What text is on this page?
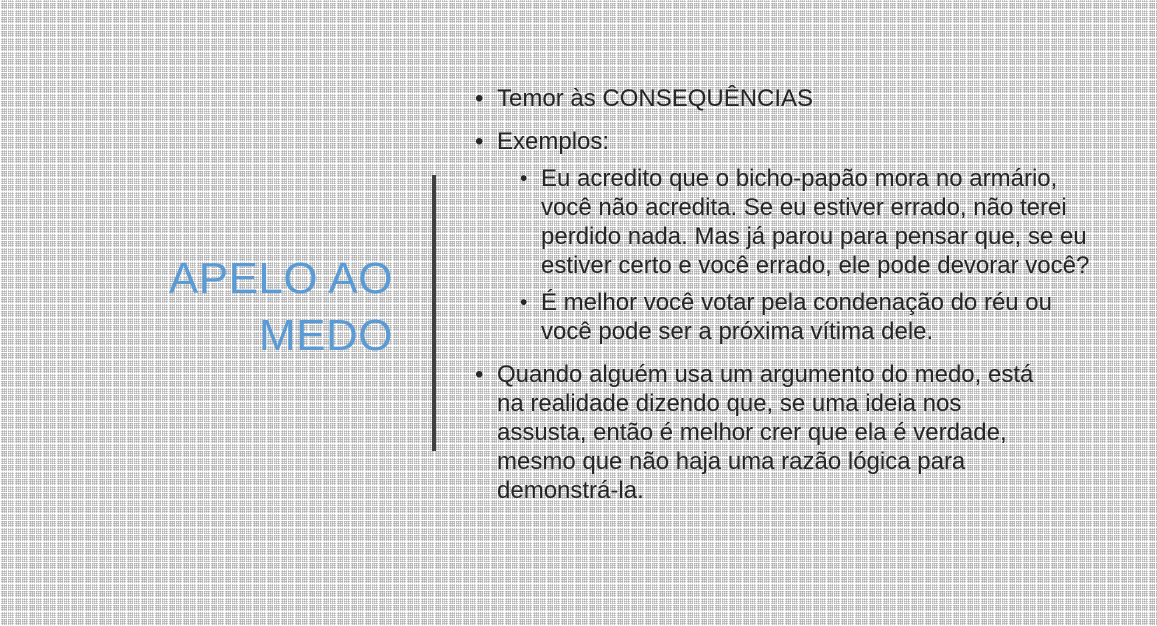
APELO AO MEDO
• Temor às CONSEQUÊNCIAS
• Exemplos:
• Eu acredito que o bicho-papão mora no armário, você não acredita. Se eu estiver errado, não terei perdido nada. Mas já parou para pensar que, se eu estiver certo e você errado, ele pode devorar você?
• É melhor você votar pela condenação do réu ou você pode ser a próxima vítima dele.
• Quando alguém usa um argumento do medo, está na realidade dizendo que, se uma ideia nos assusta, então é melhor crer que ela é verdade, mesmo que não haja uma razão lógica para demonstrá-la.
